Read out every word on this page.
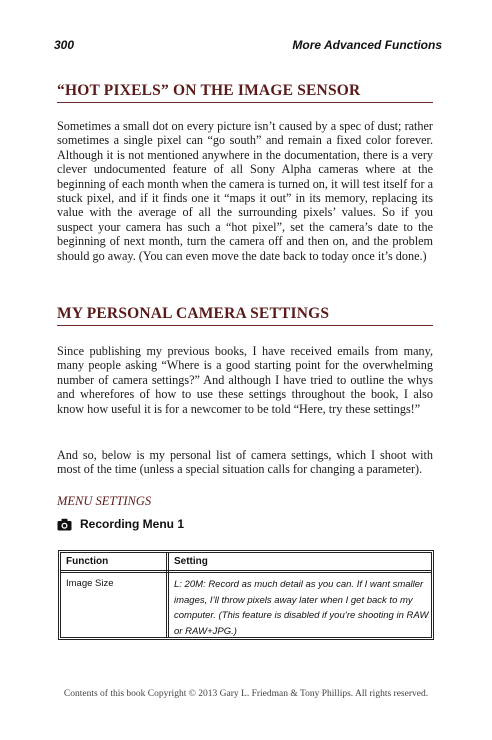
300	More Advanced Functions
“HOT PIXELS” ON THE IMAGE SENSOR

Sometimes a small dot on every picture isn’t caused by a spec of dust; rather sometimes a single pixel can “go south” and remain a fixed color forever. Although it is not mentioned anywhere in the documentation, there is a very clever undocumented feature of all Sony Alpha cameras where at the beginning of each month when the camera is turned on, it will test itself for a stuck pixel, and if it finds one it “maps it out” in its memory, replacing its value with the average of all the surrounding pixels’ values. So if you suspect your camera has such a “hot pixel”, set the camera’s date to the beginning of next month, turn the camera off and then on, and the problem should go away. (You can even move the date back to today once it’s done.)

MY PERSONAL CAMERA SETTINGS

Since publishing my previous books, I have received emails from many, many people asking “Where is a good starting point for the overwhelming number of camera settings?” And although I have tried to outline the whys and wherefores of how to use these settings throughout the book, I also know how useful it is for a newcomer to be told “Here, try these settings!”

And so, below is my personal list of camera settings, which I shoot with most of the time (unless a special situation calls for changing a parameter).

MENU SETTINGS
Recording Menu 1
Function	Setting
Image Size	L: 20M: Record as much detail as you can. If I want smaller images, I’ll throw pixels away later when I get back to my computer. (This feature is disabled if you’re shooting in RAW or RAW+JPG.)
Contents of this book Copyright © 2013 Gary L. Friedman & Tony Phillips. All rights reserved.
